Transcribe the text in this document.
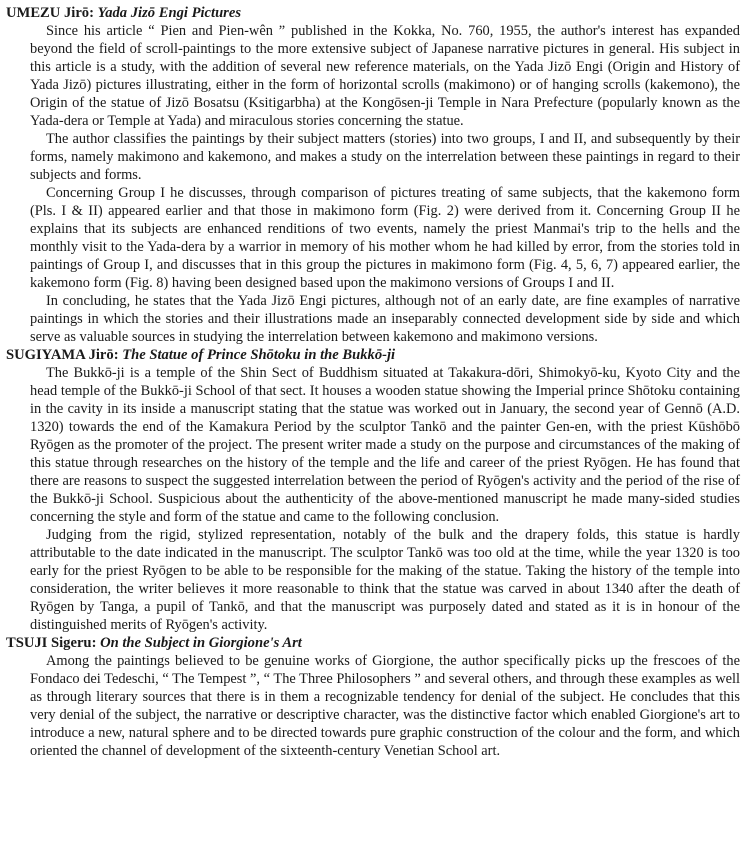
UMEZU Jirō: Yada Jizō Engi Pictures

Since his article “ Pien and Pien-wên ” published in the Kokka, No. 760, 1955, the author's interest has expanded beyond the field of scroll-paintings to the more extensive subject of Japanese narrative pictures in general. His subject in this article is a study, with the addition of several new reference materials, on the Yada Jizō Engi (Origin and History of Yada Jizō) pictures illustrating, either in the form of horizontal scrolls (makimono) or of hanging scrolls (kakemono), the Origin of the statue of Jizō Bosatsu (Ksitigarbha) at the Kongōsen-ji Temple in Nara Prefecture (popularly known as the Yada-dera or Temple at Yada) and miraculous stories concerning the statue.

The author classifies the paintings by their subject matters (stories) into two groups, I and II, and subsequently by their forms, namely makimono and kakemono, and makes a study on the interrelation between these paintings in regard to their subjects and forms.

Concerning Group I he discusses, through comparison of pictures treating of same subjects, that the kakemono form (Pls. I & II) appeared earlier and that those in makimono form (Fig. 2) were derived from it. Concerning Group II he explains that its subjects are enhanced renditions of two events, namely the priest Manmai's trip to the hells and the monthly visit to the Yada-dera by a warrior in memory of his mother whom he had killed by error, from the stories told in paintings of Group I, and discusses that in this group the pictures in makimono form (Fig. 4, 5, 6, 7) appeared earlier, the kakemono form (Fig. 8) having been designed based upon the makimono versions of Groups I and II.

In concluding, he states that the Yada Jizō Engi pictures, although not of an early date, are fine examples of narrative paintings in which the stories and their illustrations made an inseparably connected development side by side and which serve as valuable sources in studying the interrelation between kakemono and makimono versions.

SUGIYAMA Jirō: The Statue of Prince Shōtoku in the Bukkō-ji

The Bukkō-ji is a temple of the Shin Sect of Buddhism situated at Takakura-dōri, Shimokyō-ku, Kyoto City and the head temple of the Bukkō-ji School of that sect. It houses a wooden statue showing the Imperial prince Shōtoku containing in the cavity in its inside a manuscript stating that the statue was worked out in January, the second year of Gennō (A.D. 1320) towards the end of the Kamakura Period by the sculptor Tankō and the painter Gen-en, with the priest Kūshōbō Ryōgen as the promoter of the project. The present writer made a study on the purpose and circumstances of the making of this statue through researches on the history of the temple and the life and career of the priest Ryōgen. He has found that there are reasons to suspect the suggested interrelation between the period of Ryōgen's activity and the period of the rise of the Bukkō-ji School. Suspicious about the authenticity of the above-mentioned manuscript he made many-sided studies concerning the style and form of the statue and came to the following conclusion.

Judging from the rigid, stylized representation, notably of the bulk and the drapery folds, this statue is hardly attributable to the date indicated in the manuscript. The sculptor Tankō was too old at the time, while the year 1320 is too early for the priest Ryōgen to be able to be responsible for the making of the statue. Taking the history of the temple into consideration, the writer believes it more reasonable to think that the statue was carved in about 1340 after the death of Ryōgen by Tanga, a pupil of Tankō, and that the manuscript was purposely dated and stated as it is in honour of the distinguished merits of Ryōgen's activity.

TSUJI Sigeru: On the Subject in Giorgione's Art

Among the paintings believed to be genuine works of Giorgione, the author specifically picks up the frescoes of the Fondaco dei Tedeschi, “ The Tempest ”, “ The Three Philosophers ” and several others, and through these examples as well as through literary sources that there is in them a recognizable tendency for denial of the subject. He concludes that this very denial of the subject, the narrative or descriptive character, was the distinctive factor which enabled Giorgione's art to introduce a new, natural sphere and to be directed towards pure graphic construction of the colour and the form, and which oriented the channel of development of the sixteenth-century Venetian School art.
